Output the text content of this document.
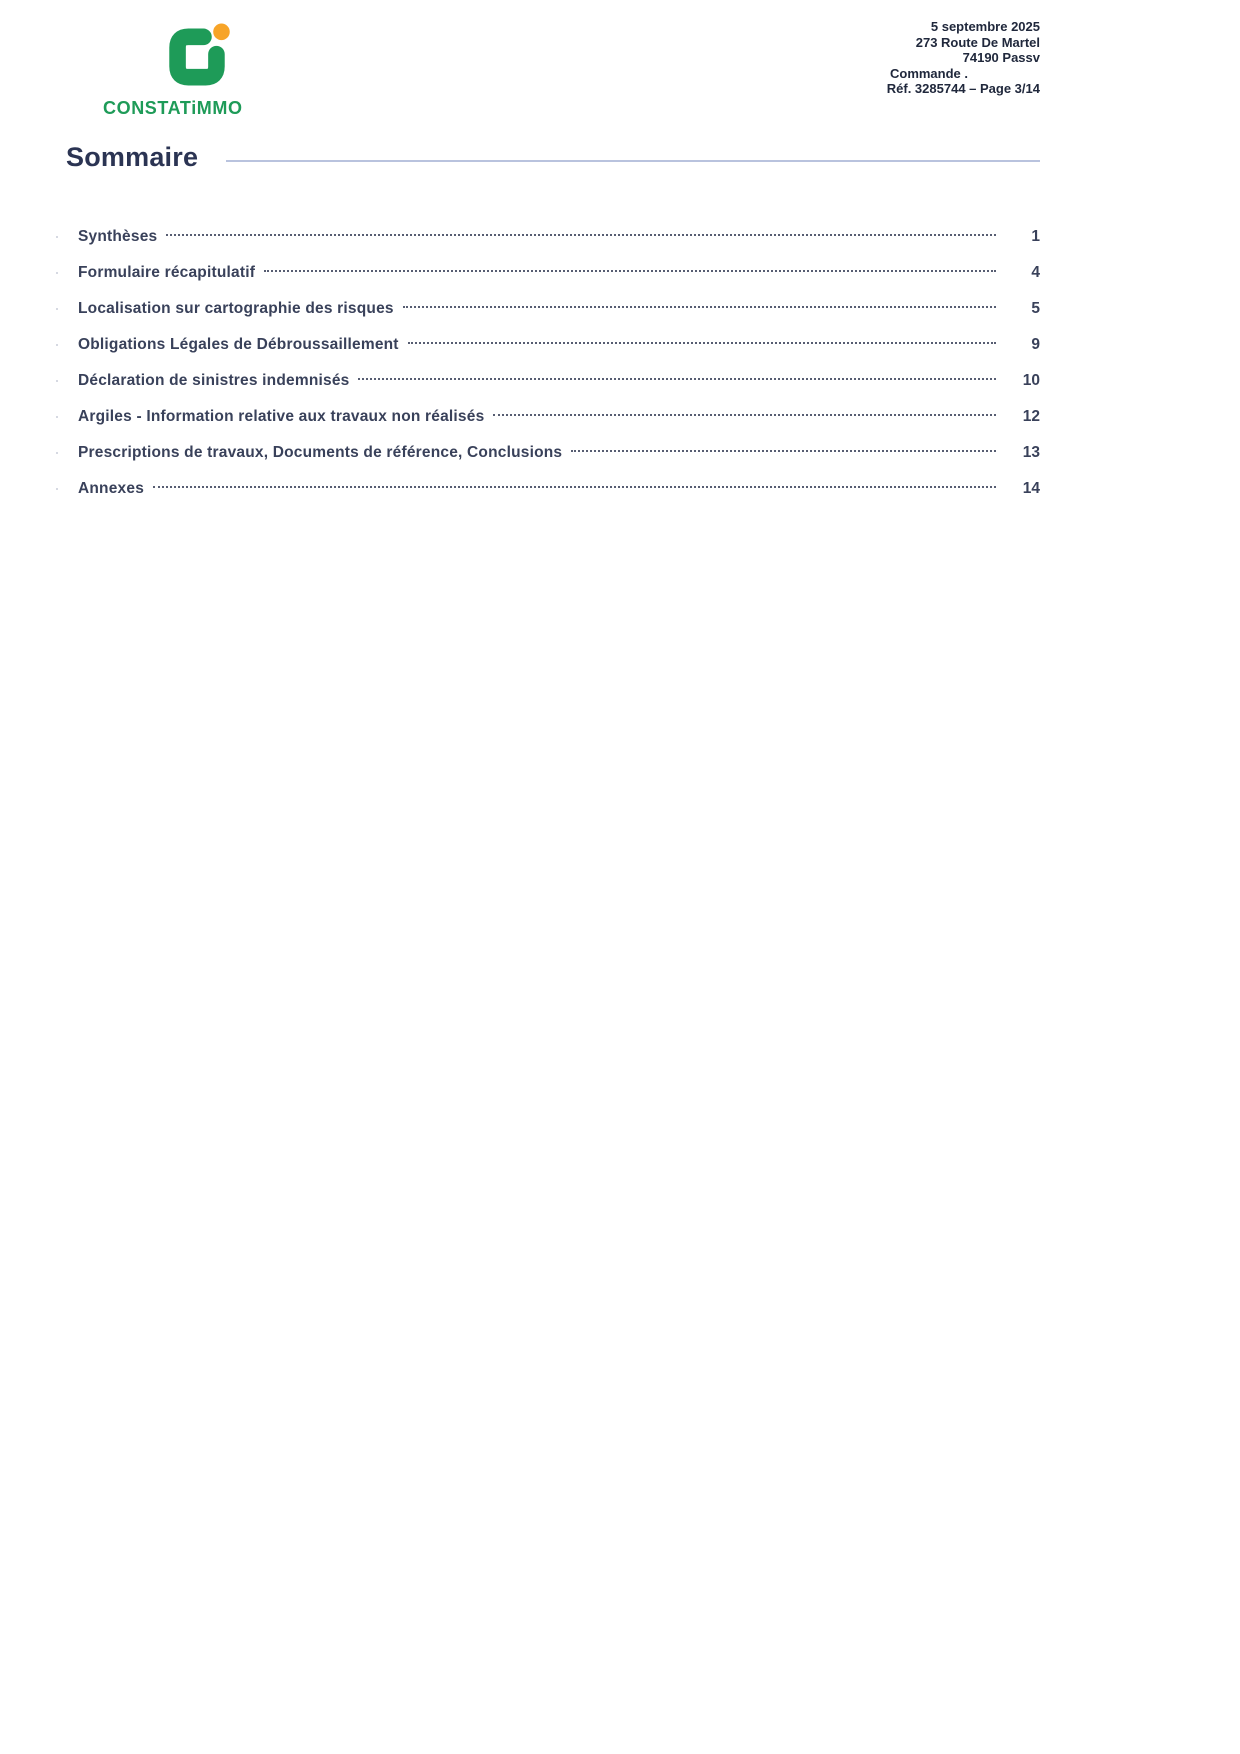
CONSTATiMMO
5 septembre 2025
273 Route De Martel
74190 Passv
Commande .
Réf. 3285744 – Page 3/14
Sommaire
Synthèses	1
Formulaire récapitulatif	4
Localisation sur cartographie des risques	5
Obligations Légales de Débroussaillement	9
Déclaration de sinistres indemnisés	10
Argiles - Information relative aux travaux non réalisés	12
Prescriptions de travaux, Documents de référence, Conclusions	13
Annexes	14
